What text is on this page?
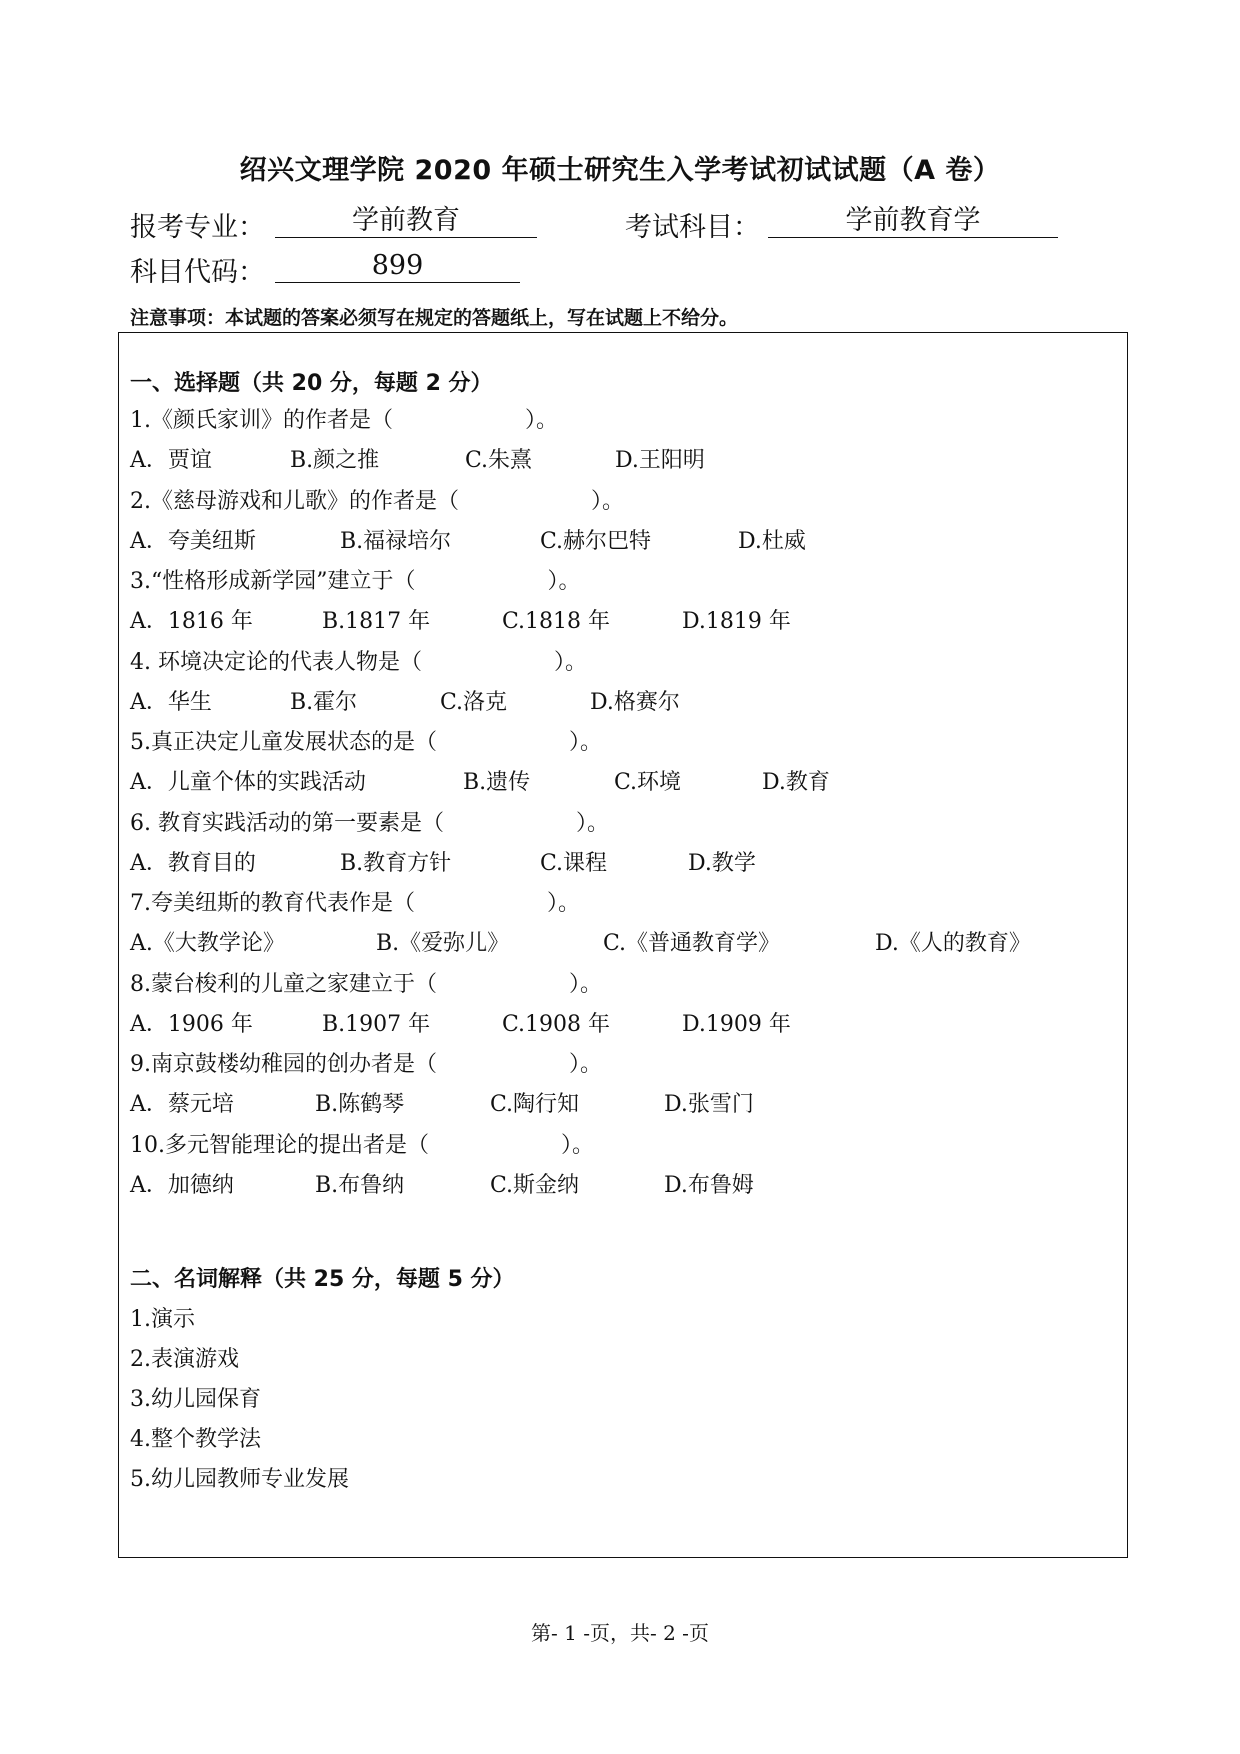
绍兴文理学院 2020 年硕士研究生入学考试初试试题（A 卷）
报考专业：	学前教育	考试科目：	学前教育学
科目代码：	899
注意事项：本试题的答案必须写在规定的答题纸上，写在试题上不给分。
一、选择题（共 20 分，每题 2 分）
1.《颜氏家训》的作者是（　　　　　　）。
A．贾谊	B.颜之推	C.朱熹	D.王阳明
2.《慈母游戏和儿歌》的作者是（　　　　　　）。
A．夸美纽斯	B.福禄培尔	C.赫尔巴特	D.杜威
3.“性格形成新学园”建立于（　　　　　　）。
A．1816 年	B.1817 年	C.1818 年	D.1819 年
4. 环境决定论的代表人物是（　　　　　　）。
A．华生	B.霍尔	C.洛克	D.格赛尔
5.真正决定儿童发展状态的是（　　　　　　）。
A．儿童个体的实践活动	B.遗传	C.环境	D.教育
6. 教育实践活动的第一要素是（　　　　　　）。
A．教育目的	B.教育方针	C.课程	D.教学
7.夸美纽斯的教育代表作是（　　　　　　）。
A.《大教学论》	B.《爱弥儿》	C.《普通教育学》	D.《人的教育》
8.蒙台梭利的儿童之家建立于（　　　　　　）。
A．1906 年	B.1907 年	C.1908 年	D.1909 年
9.南京鼓楼幼稚园的创办者是（　　　　　　）。
A．蔡元培	B.陈鹤琴	C.陶行知	D.张雪门
10.多元智能理论的提出者是（　　　　　　）。
A．加德纳	B.布鲁纳	C.斯金纳	D.布鲁姆
二、名词解释（共 25 分，每题 5 分）
1.演示
2.表演游戏
3.幼儿园保育
4.整个教学法
5.幼儿园教师专业发展
第- 1 -页，共- 2 -页
